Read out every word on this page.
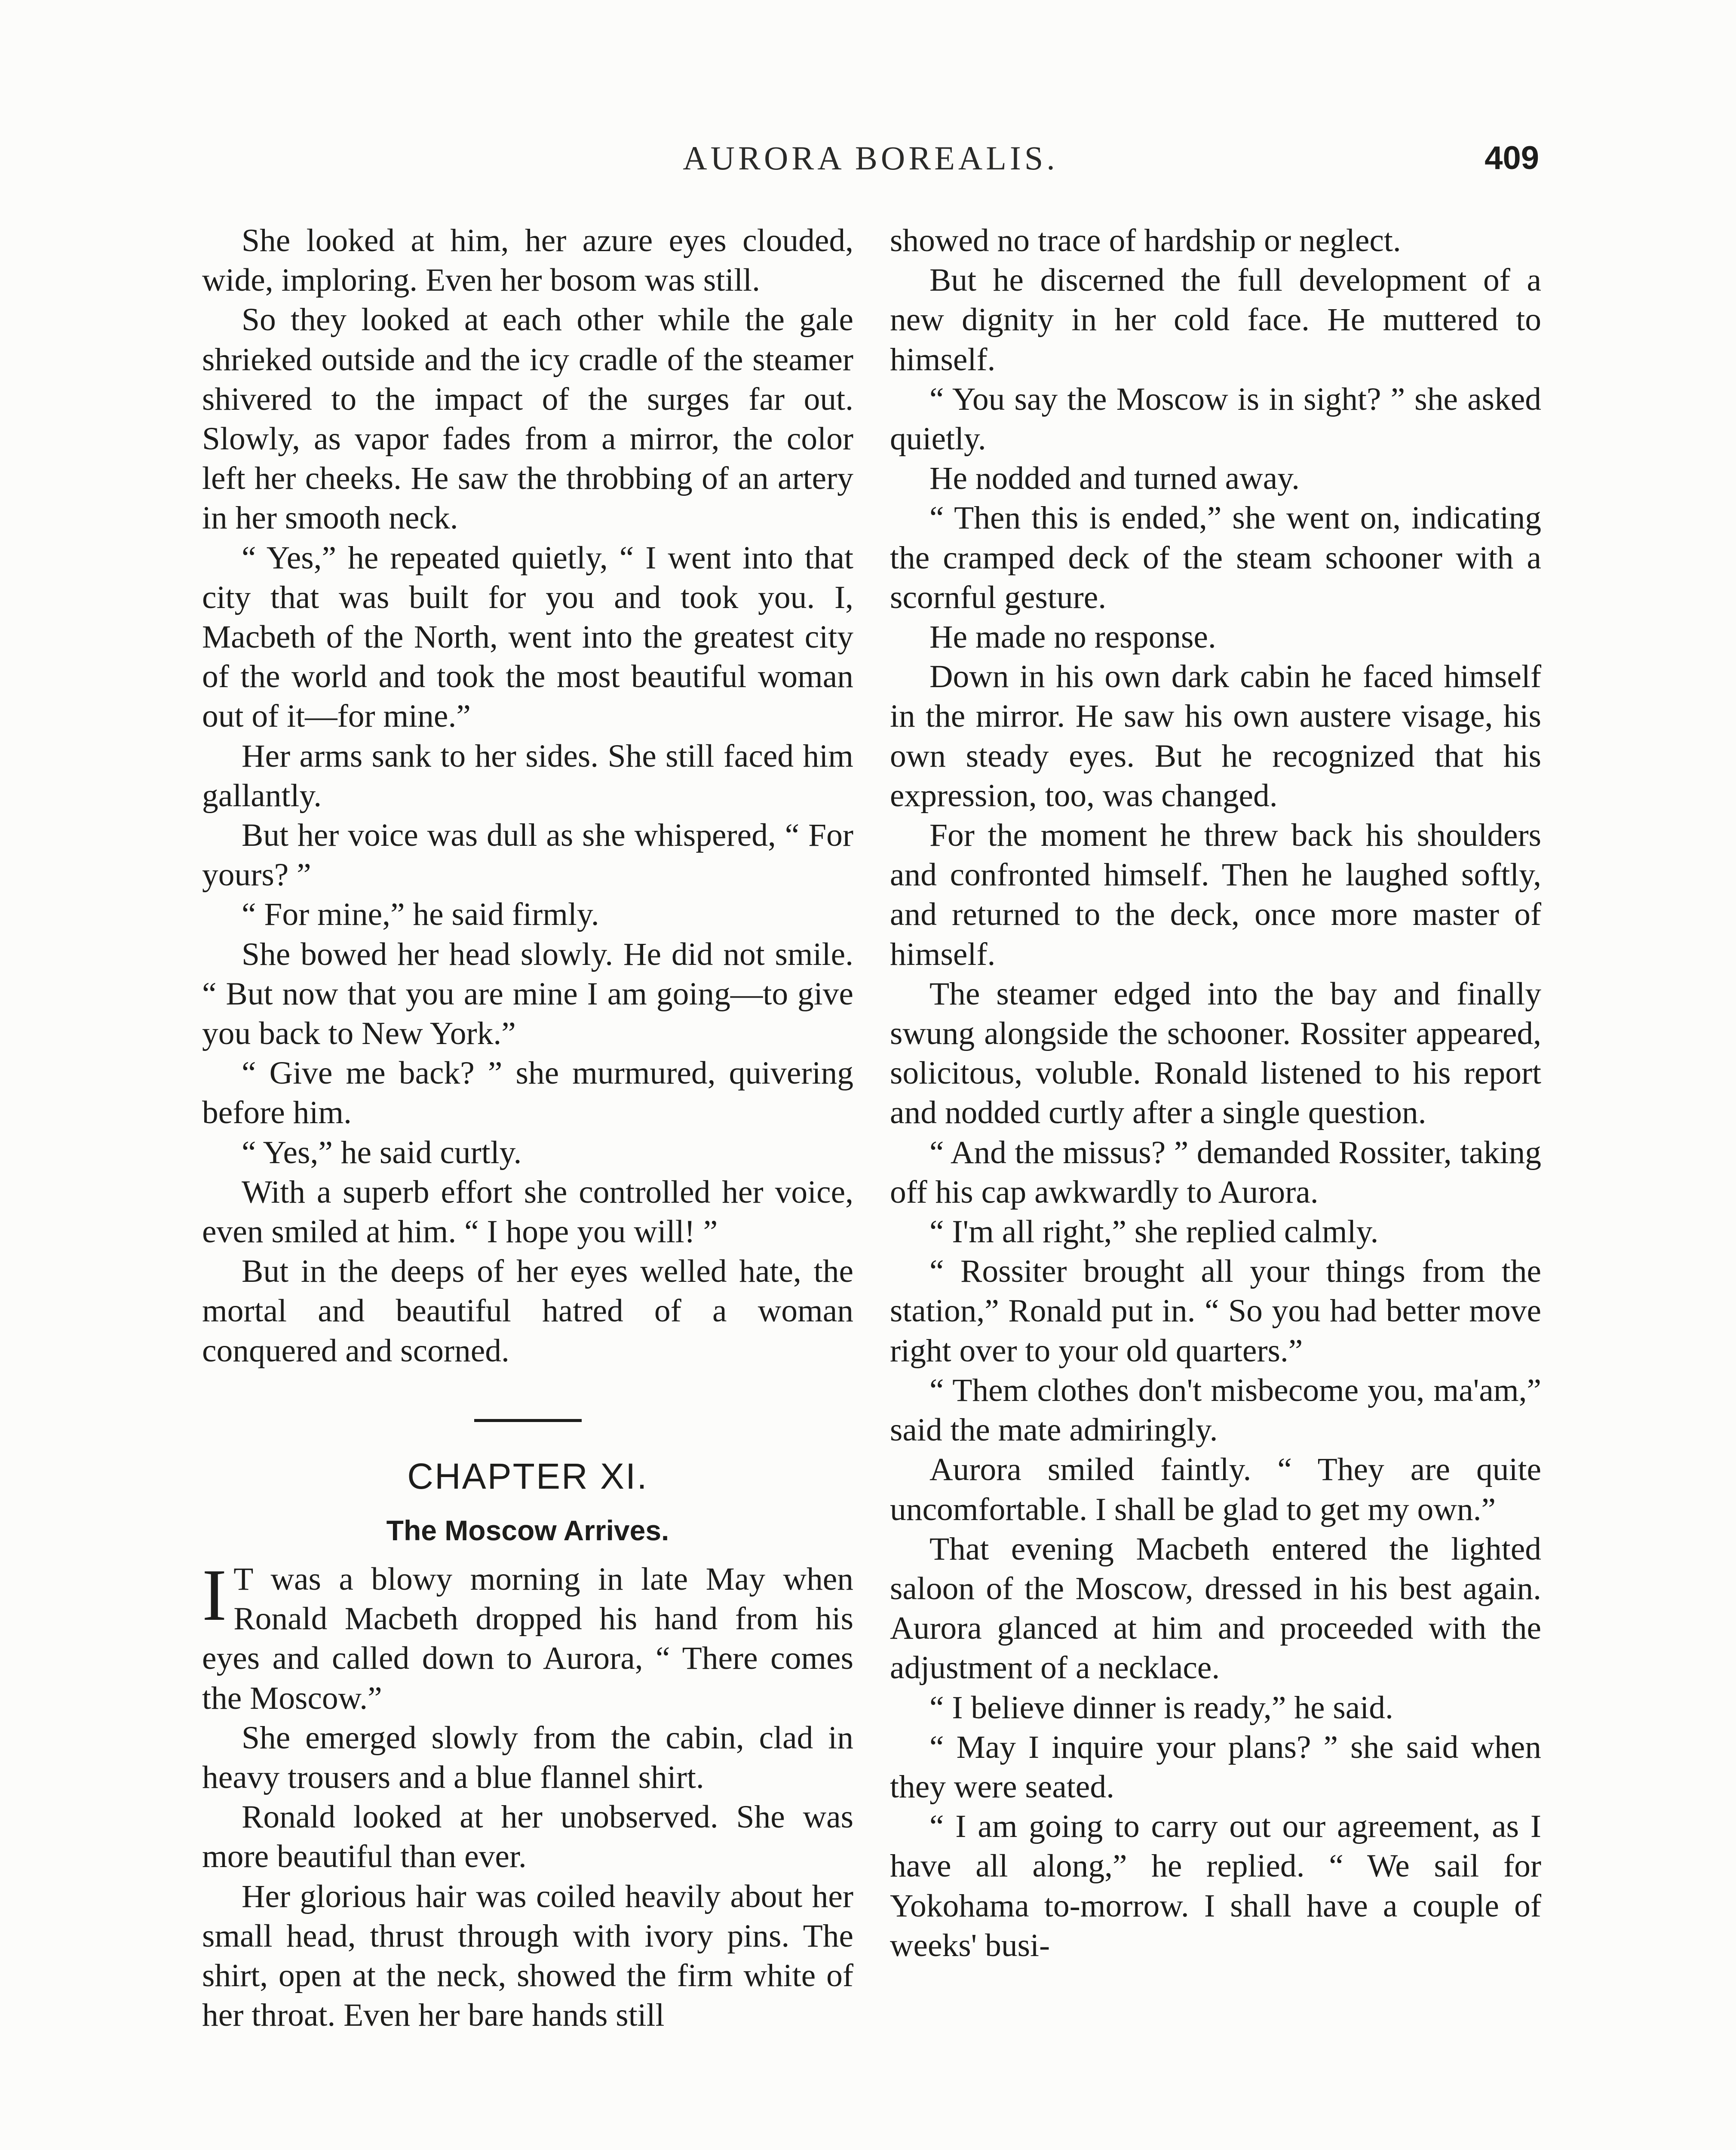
AURORA BOREALIS.	409

She looked at him, her azure eyes clouded, wide, imploring. Even her bosom was still.

So they looked at each other while the gale shrieked outside and the icy cradle of the steamer shivered to the impact of the surges far out. Slowly, as vapor fades from a mirror, the color left her cheeks. He saw the throbbing of an artery in her smooth neck.

“ Yes,” he repeated quietly, “ I went into that city that was built for you and took you. I, Macbeth of the North, went into the greatest city of the world and took the most beautiful woman out of it—for mine.”

Her arms sank to her sides. She still faced him gallantly.

But her voice was dull as she whispered, “ For yours? ”

“ For mine,” he said firmly.

She bowed her head slowly. He did not smile. “ But now that you are mine I am going—to give you back to New York.”

“ Give me back? ” she murmured, quivering before him.

“ Yes,” he said curtly.

With a superb effort she controlled her voice, even smiled at him. “ I hope you will! ”

But in the deeps of her eyes welled hate, the mortal and beautiful hatred of a woman conquered and scorned.

CHAPTER XI.
The Moscow Arrives.

I T was a blowy morning in late May when Ronald Macbeth dropped his hand from his eyes and called down to Aurora, “ There comes the Moscow.”

She emerged slowly from the cabin, clad in heavy trousers and a blue flannel shirt.

Ronald looked at her unobserved. She was more beautiful than ever.

Her glorious hair was coiled heavily about her small head, thrust through with ivory pins. The shirt, open at the neck, showed the firm white of her throat. Even her bare hands still

showed no trace of hardship or neglect.

But he discerned the full development of a new dignity in her cold face. He muttered to himself.

“ You say the Moscow is in sight? ” she asked quietly.

He nodded and turned away.

“ Then this is ended,” she went on, indicating the cramped deck of the steam schooner with a scornful gesture.

He made no response.

Down in his own dark cabin he faced himself in the mirror. He saw his own austere visage, his own steady eyes. But he recognized that his expression, too, was changed.

For the moment he threw back his shoulders and confronted himself. Then he laughed softly, and returned to the deck, once more master of himself.

The steamer edged into the bay and finally swung alongside the schooner. Rossiter appeared, solicitous, voluble. Ronald listened to his report and nodded curtly after a single question.

“ And the missus? ” demanded Rossiter, taking off his cap awkwardly to Aurora.

“ I'm all right,” she replied calmly.

“ Rossiter brought all your things from the station,” Ronald put in. “ So you had better move right over to your old quarters.”

“ Them clothes don't misbecome you, ma'am,” said the mate admiringly.

Aurora smiled faintly. “ They are quite uncomfortable. I shall be glad to get my own.”

That evening Macbeth entered the lighted saloon of the Moscow, dressed in his best again. Aurora glanced at him and proceeded with the adjustment of a necklace.

“ I believe dinner is ready,” he said.

“ May I inquire your plans? ” she said when they were seated.

“ I am going to carry out our agreement, as I have all along,” he replied. “ We sail for Yokohama to-morrow. I shall have a couple of weeks' busi-
